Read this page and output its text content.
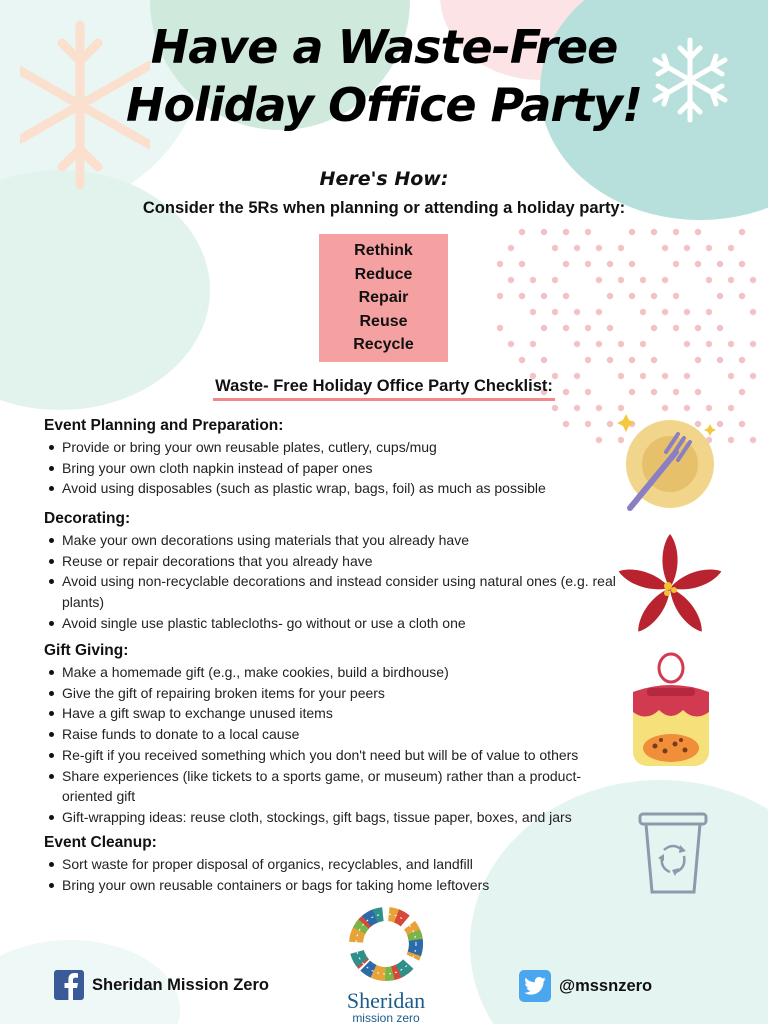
Have a Waste-Free
Holiday Office Party!
Here's How:
Consider the 5Rs when planning or attending a holiday party:
Rethink
Reduce
Repair
Reuse
Recycle
Waste- Free Holiday Office Party Checklist:
Event Planning and Preparation:
Provide or bring your own reusable plates, cutlery, cups/mug
Bring your own cloth napkin instead of paper ones
Avoid using disposables (such as plastic wrap, bags, foil) as much as possible
Decorating:
Make your own decorations using materials that you already have
Reuse or repair decorations that you already have
Avoid using non-recyclable decorations and instead consider using natural ones (e.g. real plants)
Avoid single use plastic tablecloths- go without or use a cloth one
Gift Giving:
Make a homemade gift (e.g., make cookies, build a birdhouse)
Give the gift of repairing broken items for your peers
Have a gift swap to exchange unused items
Raise funds to donate to a local cause
Re-gift if you received something which you don't need but will be of value to others
Share experiences (like tickets to a sports game, or museum) rather than a product-oriented gift
Gift-wrapping ideas: reuse cloth, stockings, gift bags, tissue paper, boxes, and jars
Event Cleanup:
Sort waste for proper disposal of organics, recyclables, and landfill
Bring your own reusable containers or bags for taking home leftovers
Sheridan Mission Zero
Sheridan
mission zero
@mssnzero
